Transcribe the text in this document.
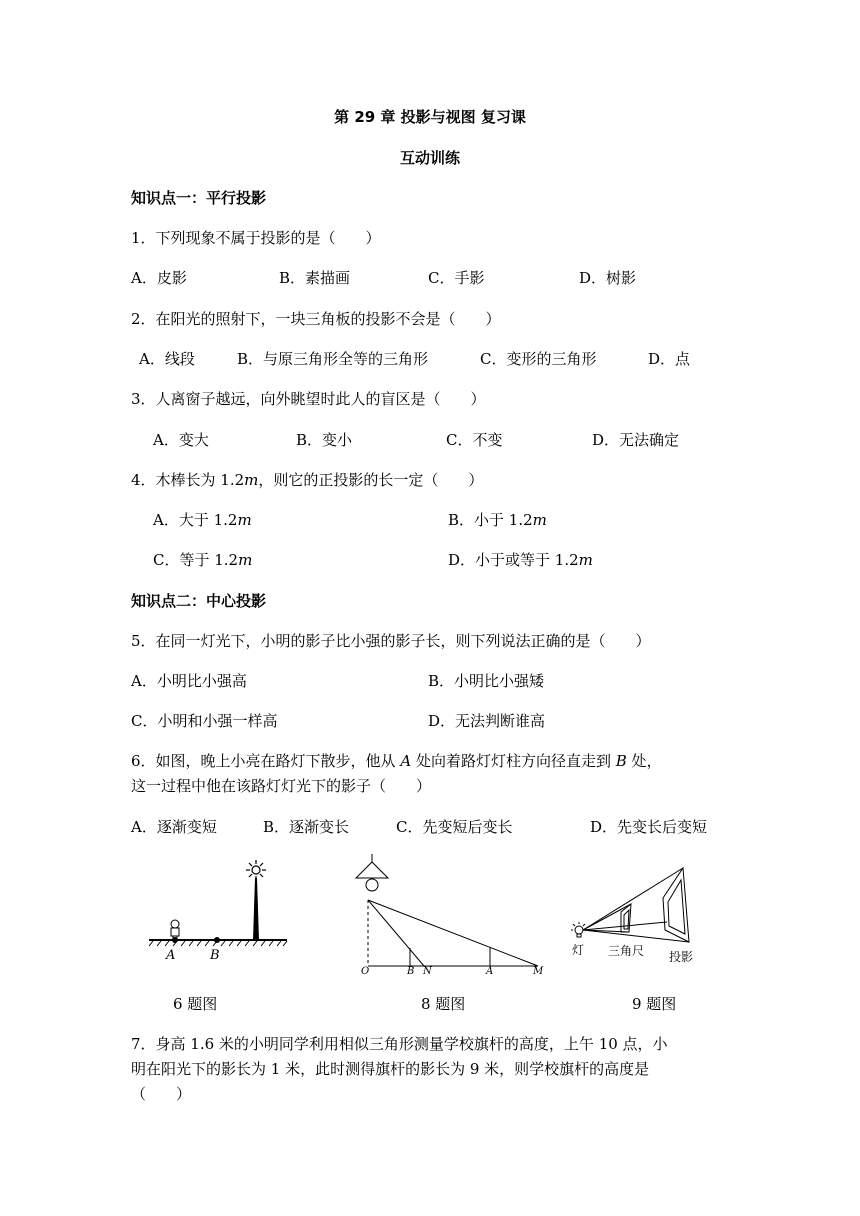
第 29 章 投影与视图 复习课
互动训练
知识点一：平行投影
1．下列现象不属于投影的是（　　）
A．皮影	B．素描画	C．手影	D．树影
2．在阳光的照射下，一块三角板的投影不会是（　　）
A．线段	B．与原三角形全等的三角形	C．变形的三角形	D．点
3．人离窗子越远，向外眺望时此人的盲区是（　　）
A．变大	B．变小	C．不变	D．无法确定
4．木棒长为 1.2m，则它的正投影的长一定（　　）
A．大于 1.2m	B．小于 1.2m
C．等于 1.2m	D．小于或等于 1.2m
知识点二：中心投影
5．在同一灯光下，小明的影子比小强的影子长，则下列说法正确的是（　　）
A．小明比小强高	B．小明比小强矮
C．小明和小强一样高	D．无法判断谁高
6．如图，晚上小亮在路灯下散步，他从 A 处向着路灯灯柱方向径直走到 B 处，
这一过程中他在该路灯灯光下的影子（　　）
A．逐渐变短	B．逐渐变长	C．先变短后变长	D．先变长后变短
A	B
O	B N	A	M
灯 三角尺 投影
6 题图	8 题图	9 题图
7．身高 1.6 米的小明同学利用相似三角形测量学校旗杆的高度，上午 10 点，小
明在阳光下的影长为 1 米，此时测得旗杆的影长为 9 米，则学校旗杆的高度是
（　　）
